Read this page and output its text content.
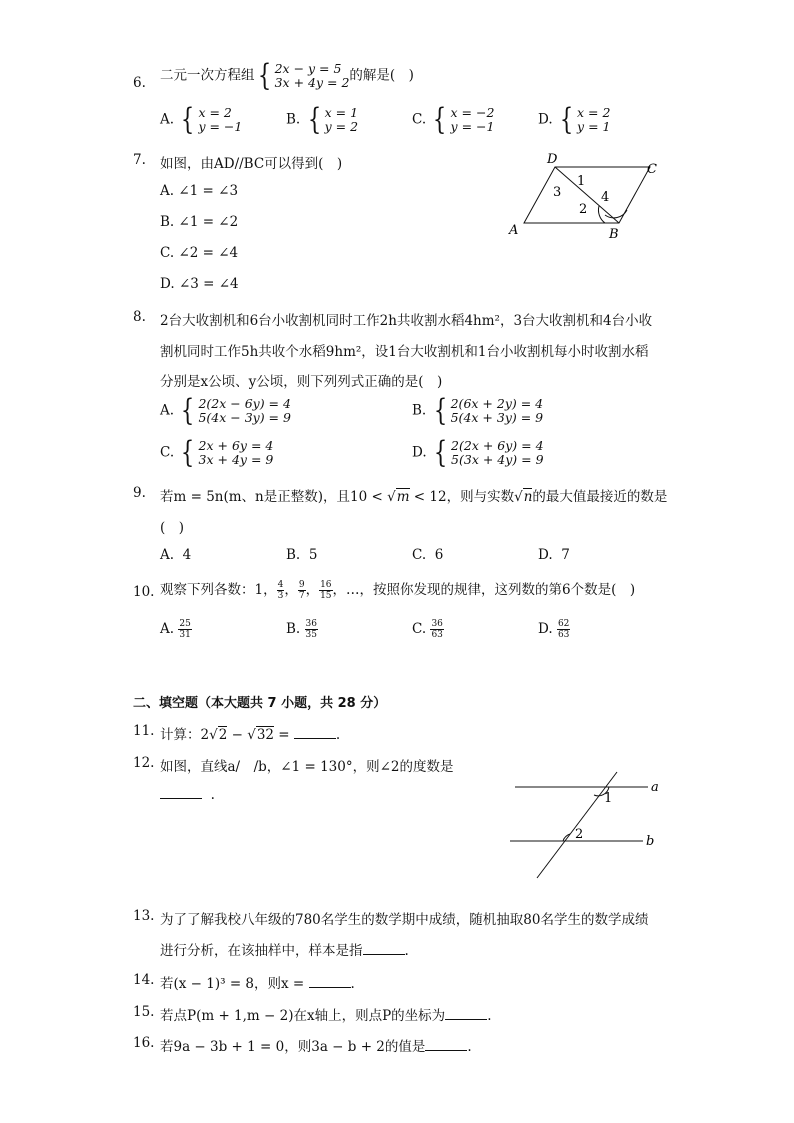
6. 二元一次方程组 { 2x − y = 5
3x + 4y = 2 的解是(　)
A. { x = 2
y = −1	B. { x = 1
y = 2	C. { x = −2
y = −1	D. { x = 2
y = 1
7. 如图，由AD//BC可以得到(　)
A. ∠1 = ∠3
B. ∠1 = ∠2
C. ∠2 = ∠4
D. ∠3 = ∠4
D
C
A	B
1
2
3	4
8. 2台大收割机和6台小收割机同时工作2h共收割水稻4hm²，3台大收割机和4台小收
割机同时工作5h共收个水稻9hm²，设1台大收割机和1台小收割机每小时收割水稻
分别是x公顷、y公顷，则下列列式正确的是(　)
A. { 2(2x − 6y) = 4
5(4x − 3y) = 9	B. { 2(6x + 2y) = 4
5(4x + 3y) = 9
C. { 2x + 6y = 4
3x + 4y = 9	D. { 2(2x + 6y) = 4
5(3x + 4y) = 9
9. 若m = 5n(m、n是正整数)，且10 < √m < 12，则与实数√n的最大值最接近的数是
(　)
A. 4	B. 5	C. 6	D. 7
10. 观察下列各数：1， $\frac{4}{3}$ ， $\frac{9}{7}$ ， $\frac{16}{15}$ ，…，按照你发现的规律，这列数的第6个数是(　)
A. $\frac{25}{31}$	B. $\frac{36}{35}$	C. $\frac{36}{63}$	D. $\frac{62}{63}$
二、填空题（本大题共 7 小题，共 28 分）
11. 计算：2√2 − √32 =	.
12. 如图，直线a/　/b，∠1 = 130°，则∠2的度数是
.	a
b
1
2
13. 为了了解我校八年级的780名学生的数学期中成绩，随机抽取80名学生的数学成绩
进行分析，在该抽样中，样本是指	.
14. 若(x − 1)³ = 8，则x =	.
15. 若点P(m + 1,m − 2)在x轴上，则点P的坐标为	.
16. 若9a − 3b + 1 = 0，则3a − b + 2的值是	.
